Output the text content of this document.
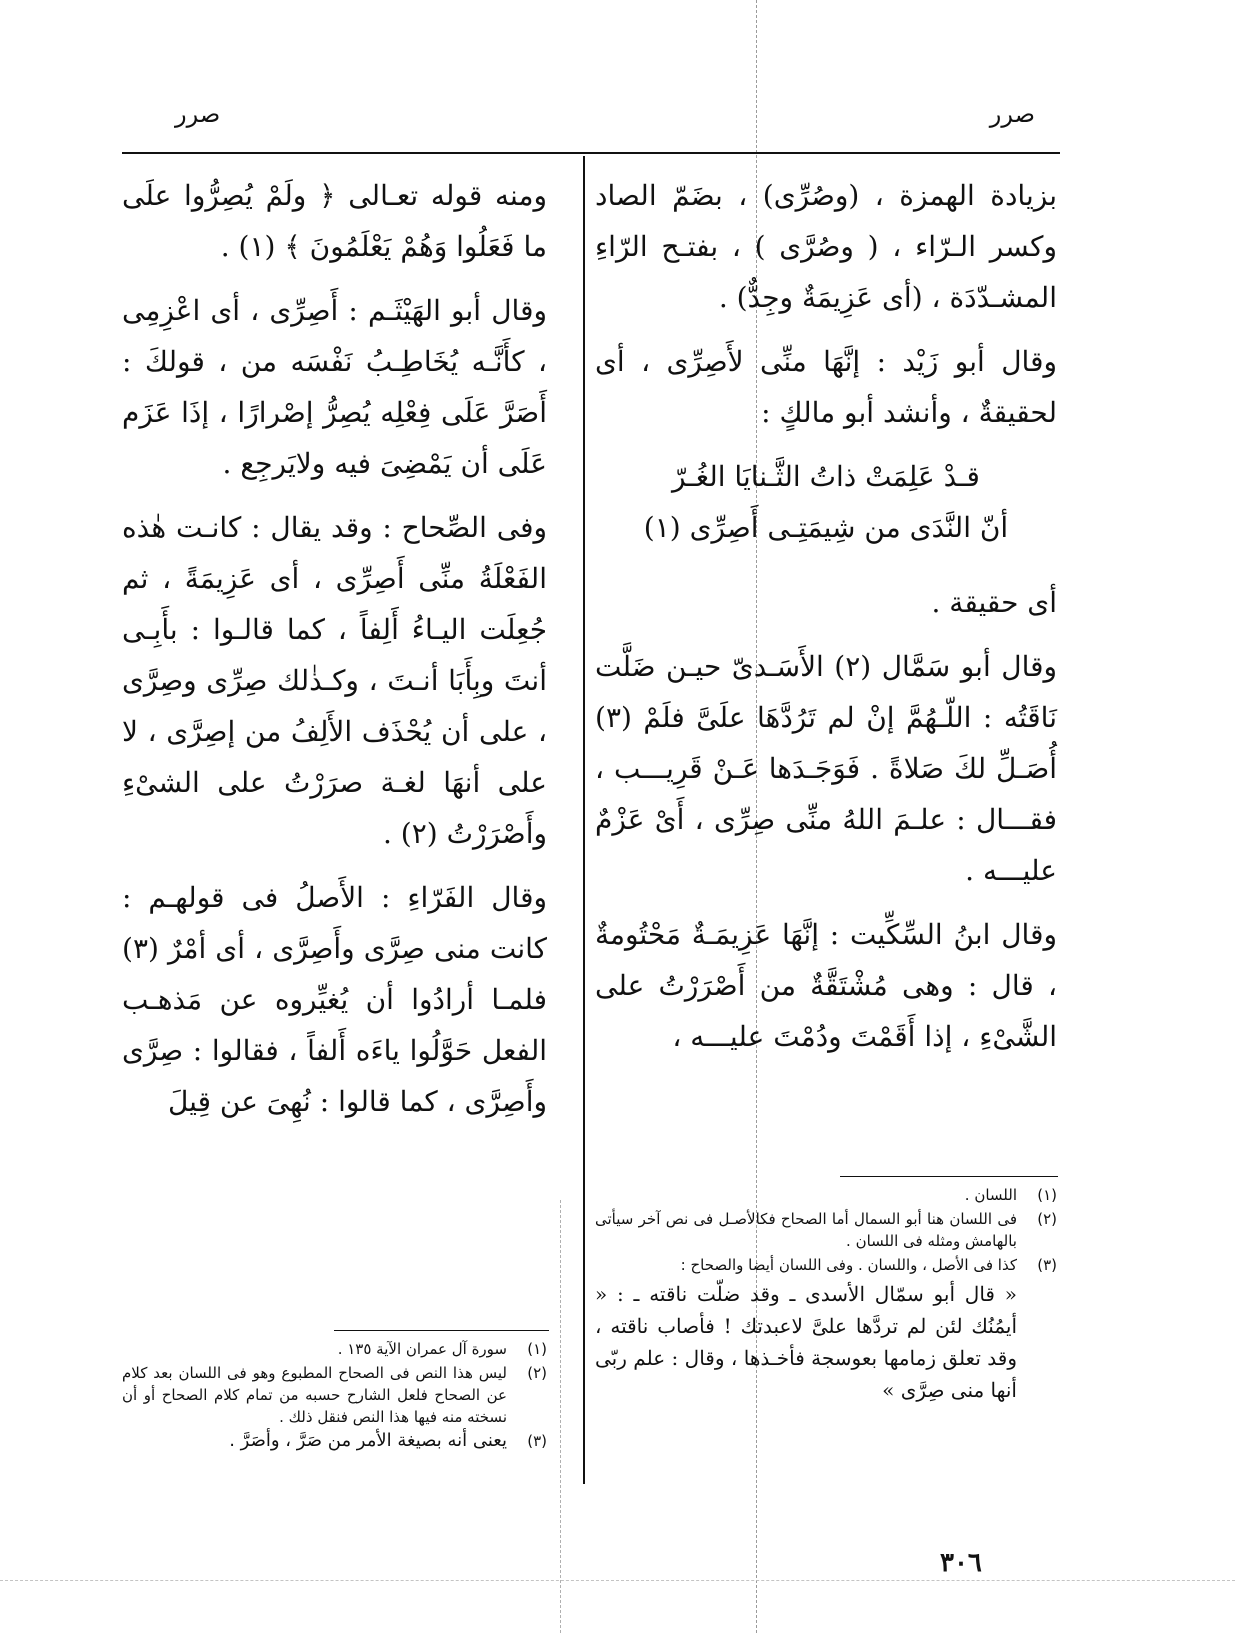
صرر
صرر

بزيادة الهمزة ، (وصُرِّى) ، بضَمّ الصاد وكسر الـرّاء ، ( وصُرَّى ) ، بفتـح الرّاءِ المشـدّدَة ، (أى عَزِيمَةٌ وجِدٌّ) .

وقال أبو زَيْد : إنَّهَا منِّى لأَصِرِّى ، أى لحقيقةٌ ، وأنشد أبو مالكٍ :

قـدْ عَلِمَتْ ذاتُ الثَّـنايَا الغُـرّ

أنّ النَّدَى من شِيمَتِـى أَصِرِّى (١)

أى حقيقة .

وقال أبو سَمَّال (٢) الأَسَـدىّ حيـن ضَلَّت نَاقَتُه : اللّـهُمَّ إنْ لم تَرُدَّهَا علَىَّ فلَمْ (٣) أُصَـلِّ لكَ صَلاةً . فَوَجَـدَها عَـنْ قَرِيـــب ، فقـــال : علـمَ اللهُ منِّى صِرِّى ، أَىْ عَزْمٌ عليـــه .

وقال ابنُ السِّكِّيت : إنَّهَا عَزِيمَـةٌ مَحْتُومةٌ ، قال : وهى مُشْتَقَّةٌ من أَصْرَرْتُ على الشَّىْءِ ، إذا أَقَمْتَ ودُمْتَ عليـــه ،

(١)
اللسان .
(٢)
فى اللسان هنا أبو السمال أما الصحاح فكالأصـل فى نص آخر سيأتى بالهامش ومثله فى اللسان .
(٣)
كذا فى الأصل ، واللسان . وفى اللسان أيضا والصحاح :
« قال أبو سمّال الأسدى ـ وقد ضلّت ناقته ـ : « أيمُنُك لئن لم تردَّها علىَّ لاعبدتك ! فأصاب ناقته ، وقد تعلق زمامها بعوسجة فأخـذها ، وقال : علم ربّى أنها منى صِرَّى »

ومنه قوله تعـالى ﴿ ولَمْ يُصِرُّوا علَى ما فَعَلُوا وَهُمْ يَعْلَمُونَ ﴾ (١) .

وقال أبو الهَيْثَـم : أَصِرِّى ، أى اعْزِمِى ، كأَنَّـه يُخَاطِـبُ نَفْسَه من ، قولكَ : أَصَرَّ عَلَى فِعْلِه يُصِرُّ إصْرارًا ، إذَا عَزَم عَلَى أن يَمْضِىَ فيه ولايَرجِع .

وفى الصِّحاح : وقد يقال : كانـت هٰذه الفَعْلَةُ منِّى أَصِرِّى ، أى عَزِيمَةً ، ثم جُعِلَت اليـاءُ أَلِفاً ، كما قالـوا : بأَبِـى أنتَ وبِأَبَا أنـتَ ، وكـذٰلك صِرِّى وصِرَّى ، على أن يُحْذَف الأَلِفُ من إصِرَّى ، لا على أنهَا لغـة صرَرْتُ على الشىْءِ وأَصْرَرْتُ (٢) .

وقال الفَرّاءِ : الأَصلُ فى قولهـم : كانت منى صِرَّى وأَصِرَّى ، أى أمْرٌ (٣) فلمـا أرادُوا أن يُغيِّروه عن مَذهـب الفعل حَوَّلُوا ياءَه أَلفاً ، فقالوا : صِرَّى وأَصِرَّى ، كما قالوا : نُهِىَ عن قِيلَ

(١)
سورة آل عمران الآية ١٣٥ .
(٢)
ليس هذا النص فى الصحاح المطبوع وهو فى اللسان بعد كلام عن الصحاح فلعل الشارح حسبه من تمام كلام الصحاح أو أن نسخته منه فيها هذا النص فنقل ذلك .
(٣)
يعنى أنه بصيغة الأمر من صَرَّ ، وأصَرَّ .
٣٠٦
